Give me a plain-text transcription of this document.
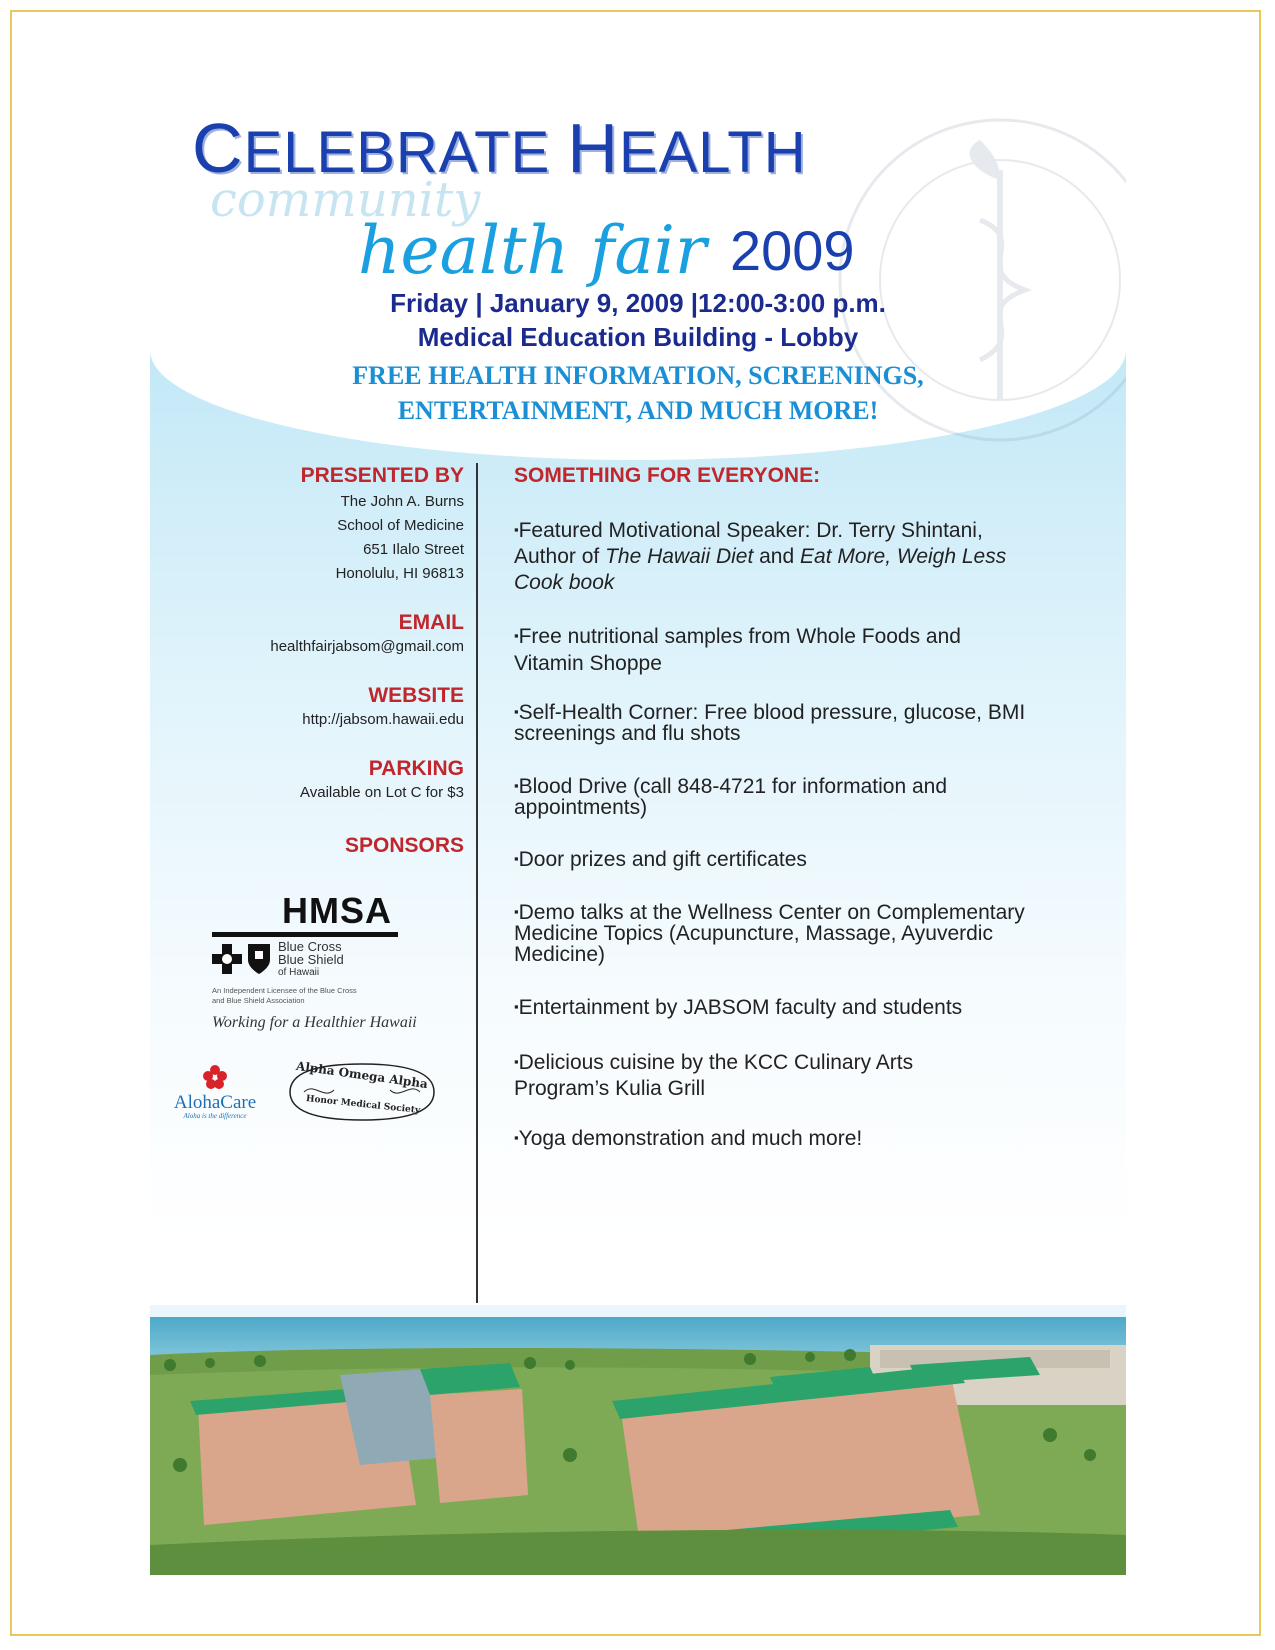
CELEBRATE HEALTH
community
health fair 2009
Friday | January 9, 2009 |12:00-3:00 p.m.
Medical Education Building - Lobby
FREE HEALTH INFORMATION, SCREENINGS,
ENTERTAINMENT, AND MUCH MORE!
PRESENTED BY
The John A. Burns
School of Medicine
651 Ilalo Street
Honolulu, HI 96813
EMAIL
healthfairjabsom@gmail.com
WEBSITE
http://jabsom.hawaii.edu
PARKING
Available on Lot C for $3
SPONSORS
HMSA
Blue Cross
Blue Shield
of Hawaii
An Independent Licensee of the Blue Cross
and Blue Shield Association
Working for a Healthier Hawaii
AlohaCare
Aloha is the difference
Alpha Omega Alpha
Honor Medical Society
SOMETHING FOR EVERYONE:
▪Featured Motivational Speaker: Dr. Terry Shintani,
Author of The Hawaii Diet and Eat More, Weigh Less
Cook book
▪Free nutritional samples from Whole Foods and
Vitamin Shoppe
▪Self-Health Corner: Free blood pressure, glucose, BMI
screenings and flu shots
▪Blood Drive (call 848-4721 for information and
appointments)
▪Door prizes and gift certificates
▪Demo talks at the Wellness Center on Complementary
Medicine Topics (Acupuncture, Massage, Ayuverdic
Medicine)
▪Entertainment by JABSOM faculty and students
▪Delicious cuisine by the KCC Culinary Arts
Program’s Kulia Grill
▪Yoga demonstration and much more!
